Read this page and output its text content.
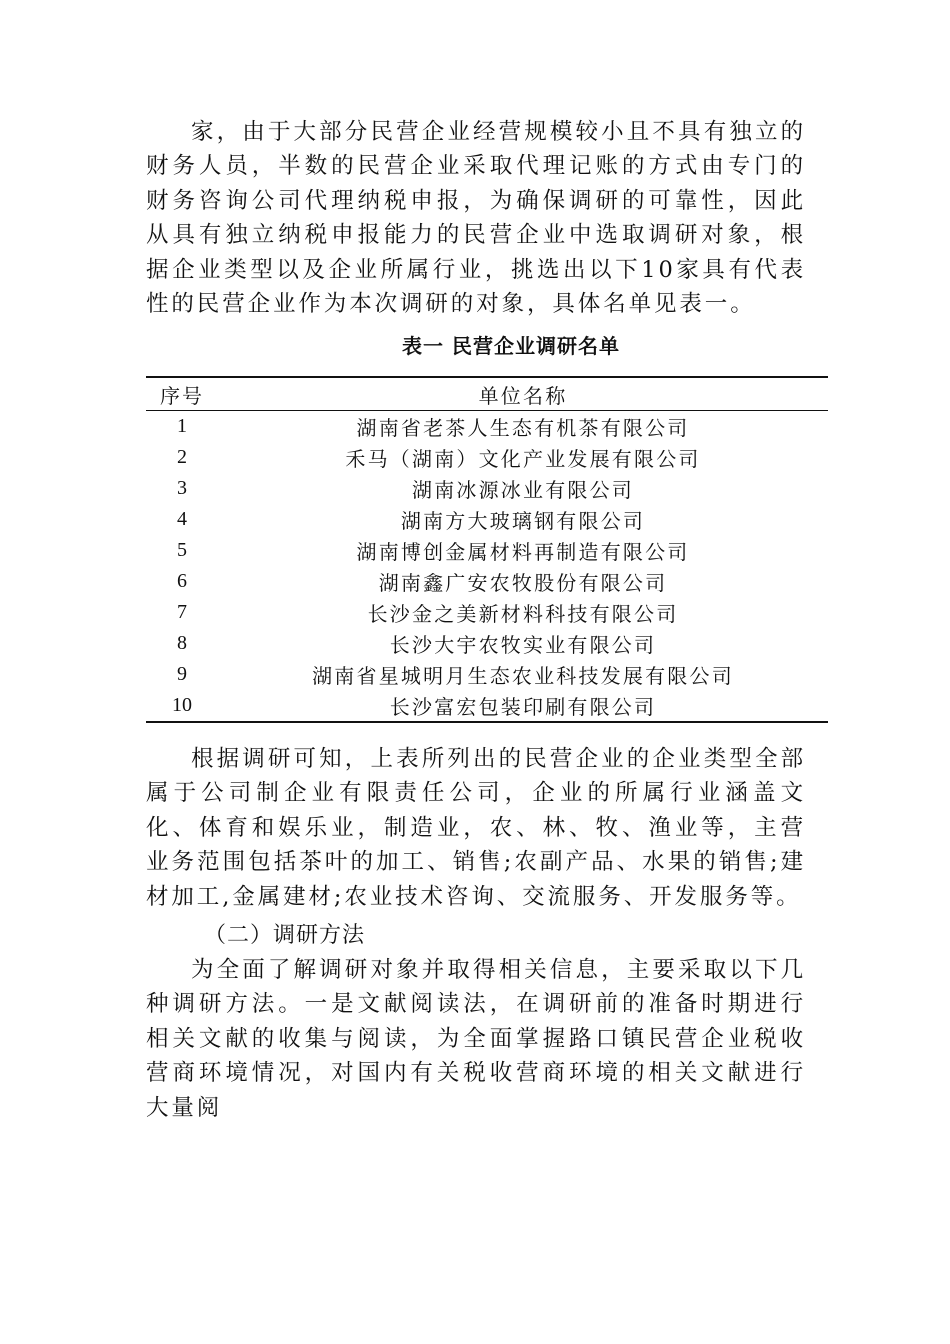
家，由于大部分民营企业经营规模较小且不具有独立的财务人员，半数的民营企业采取代理记账的方式由专门的财务咨询公司代理纳税申报，为确保调研的可靠性，因此从具有独立纳税申报能力的民营企业中选取调研对象，根据企业类型以及企业所属行业，挑选出以下10家具有代表性的民营企业作为本次调研的对象，具体名单见表一。

表一 民营企业调研名单
序号	单位名称
1	湖南省老茶人生态有机茶有限公司
2	禾马（湖南）文化产业发展有限公司
3	湖南冰源冰业有限公司
4	湖南方大玻璃钢有限公司
5	湖南博创金属材料再制造有限公司
6	湖南鑫广安农牧股份有限公司
7	长沙金之美新材料科技有限公司
8	长沙大宇农牧实业有限公司
9	湖南省星城明月生态农业科技发展有限公司
10	长沙富宏包装印刷有限公司

根据调研可知，上表所列出的民营企业的企业类型全部属于公司制企业有限责任公司，企业的所属行业涵盖文化、体育和娱乐业，制造业，农、林、牧、渔业等，主营业务范围包括茶叶的加工、销售;农副产品、水果的销售;建材加工,金属建材;农业技术咨询、交流服务、开发服务等。

（二）调研方法

为全面了解调研对象并取得相关信息，主要采取以下几种调研方法。一是文献阅读法，在调研前的准备时期进行相关文献的收集与阅读，为全面掌握路口镇民营企业税收营商环境情况，对国内有关税收营商环境的相关文献进行大量阅
